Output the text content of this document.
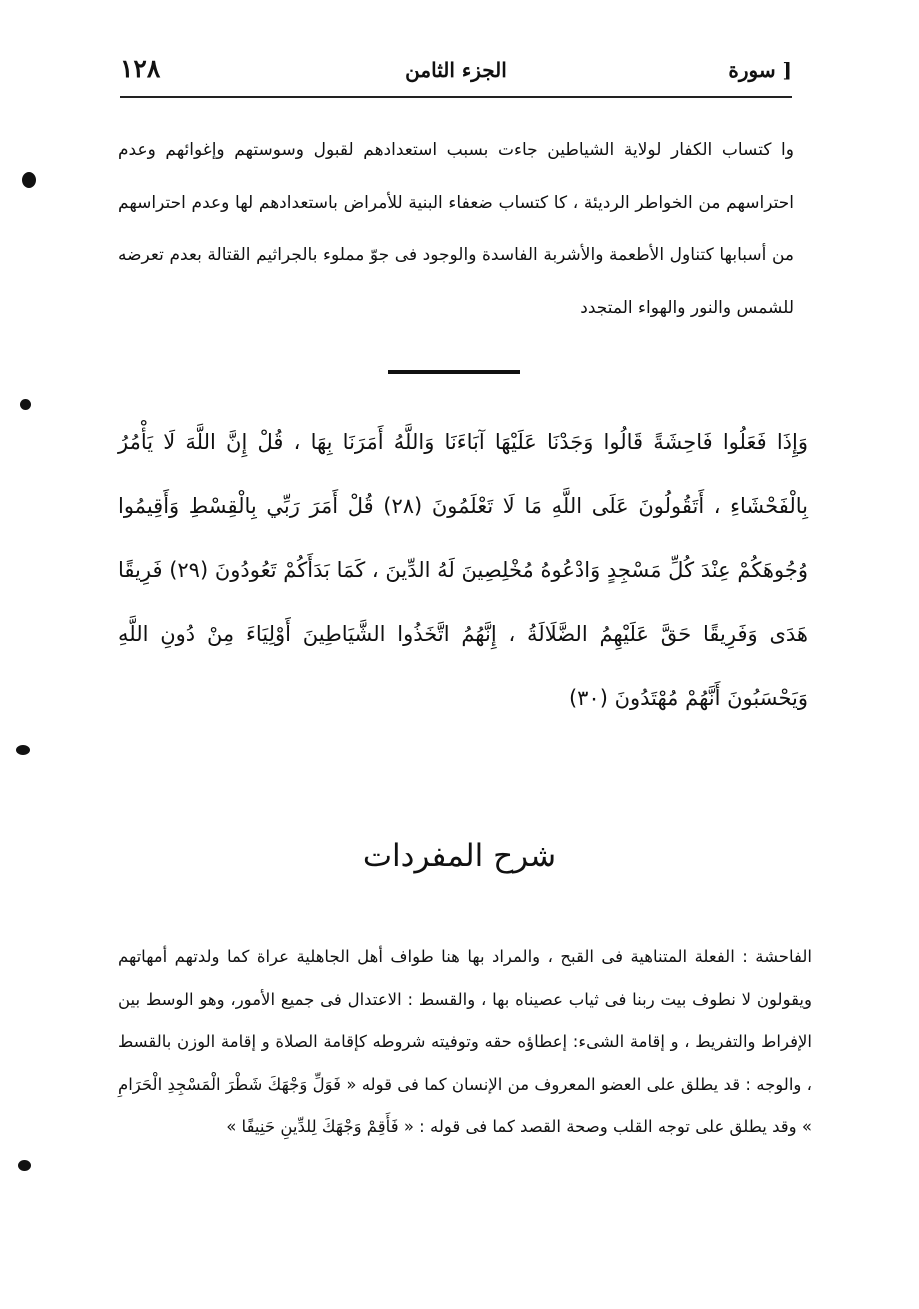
١٢٨	الجزء الثامن	[ سورة
وا كتساب الكفار لولاية الشياطين جاءت بسبب استعدادهم لقبول وسوستهم وإغوائهم وعدم احتراسهم من الخواطر الرديئة ، كا كتساب ضعفاء البنية للأمراض باستعدادهم لها وعدم احتراسهم من أسبابها كتناول الأطعمة والأشربة الفاسدة والوجود فى جوّ مملوء بالجراثيم القتالة بعدم تعرضه للشمس والنور والهواء المتجدد
وَإِذَا فَعَلُوا فَاحِشَةً قَالُوا وَجَدْنَا عَلَيْهَا آبَاءَنَا وَاللَّهُ أَمَرَنَا بِهَا ، قُلْ إِنَّ اللَّهَ لَا يَأْمُرُ بِالْفَحْشَاءِ ، أَتَقُولُونَ عَلَى اللَّهِ مَا لَا تَعْلَمُونَ (٢٨) قُلْ أَمَرَ رَبِّي بِالْقِسْطِ وَأَقِيمُوا وُجُوهَكُمْ عِنْدَ كُلِّ مَسْجِدٍ وَادْعُوهُ مُخْلِصِينَ لَهُ الدِّينَ ، كَمَا بَدَأَكُمْ تَعُودُونَ (٢٩) فَرِيقًا هَدَى وَفَرِيقًا حَقَّ عَلَيْهِمُ الضَّلَالَةُ ، إِنَّهُمُ اتَّخَذُوا الشَّيَاطِينَ أَوْلِيَاءَ مِنْ دُونِ اللَّهِ وَيَحْسَبُونَ أَنَّهُمْ مُهْتَدُونَ (٣٠)
شرح المفردات
الفاحشة : الفعلة المتناهية فى القبح ، والمراد بها هنا طواف أهل الجاهلية عراة كما ولدتهم أمهاتهم ويقولون لا نطوف بيت ربنا فى ثياب عصيناه بها ، والقسط : الاعتدال فى جميع الأمور، وهو الوسط بين الإفراط والتفريط ، و إقامة الشىء: إعطاؤه حقه وتوفيته شروطه كإقامة الصلاة و إقامة الوزن بالقسط ، والوجه : قد يطلق على العضو المعروف من الإنسان كما فى قوله « فَوَلِّ وَجْهَكَ شَطْرَ الْمَسْجِدِ الْحَرَامِ » وقد يطلق على توجه القلب وصحة القصد كما فى قوله : « فَأَقِمْ وَجْهَكَ لِلدِّينِ حَنِيفًا »
